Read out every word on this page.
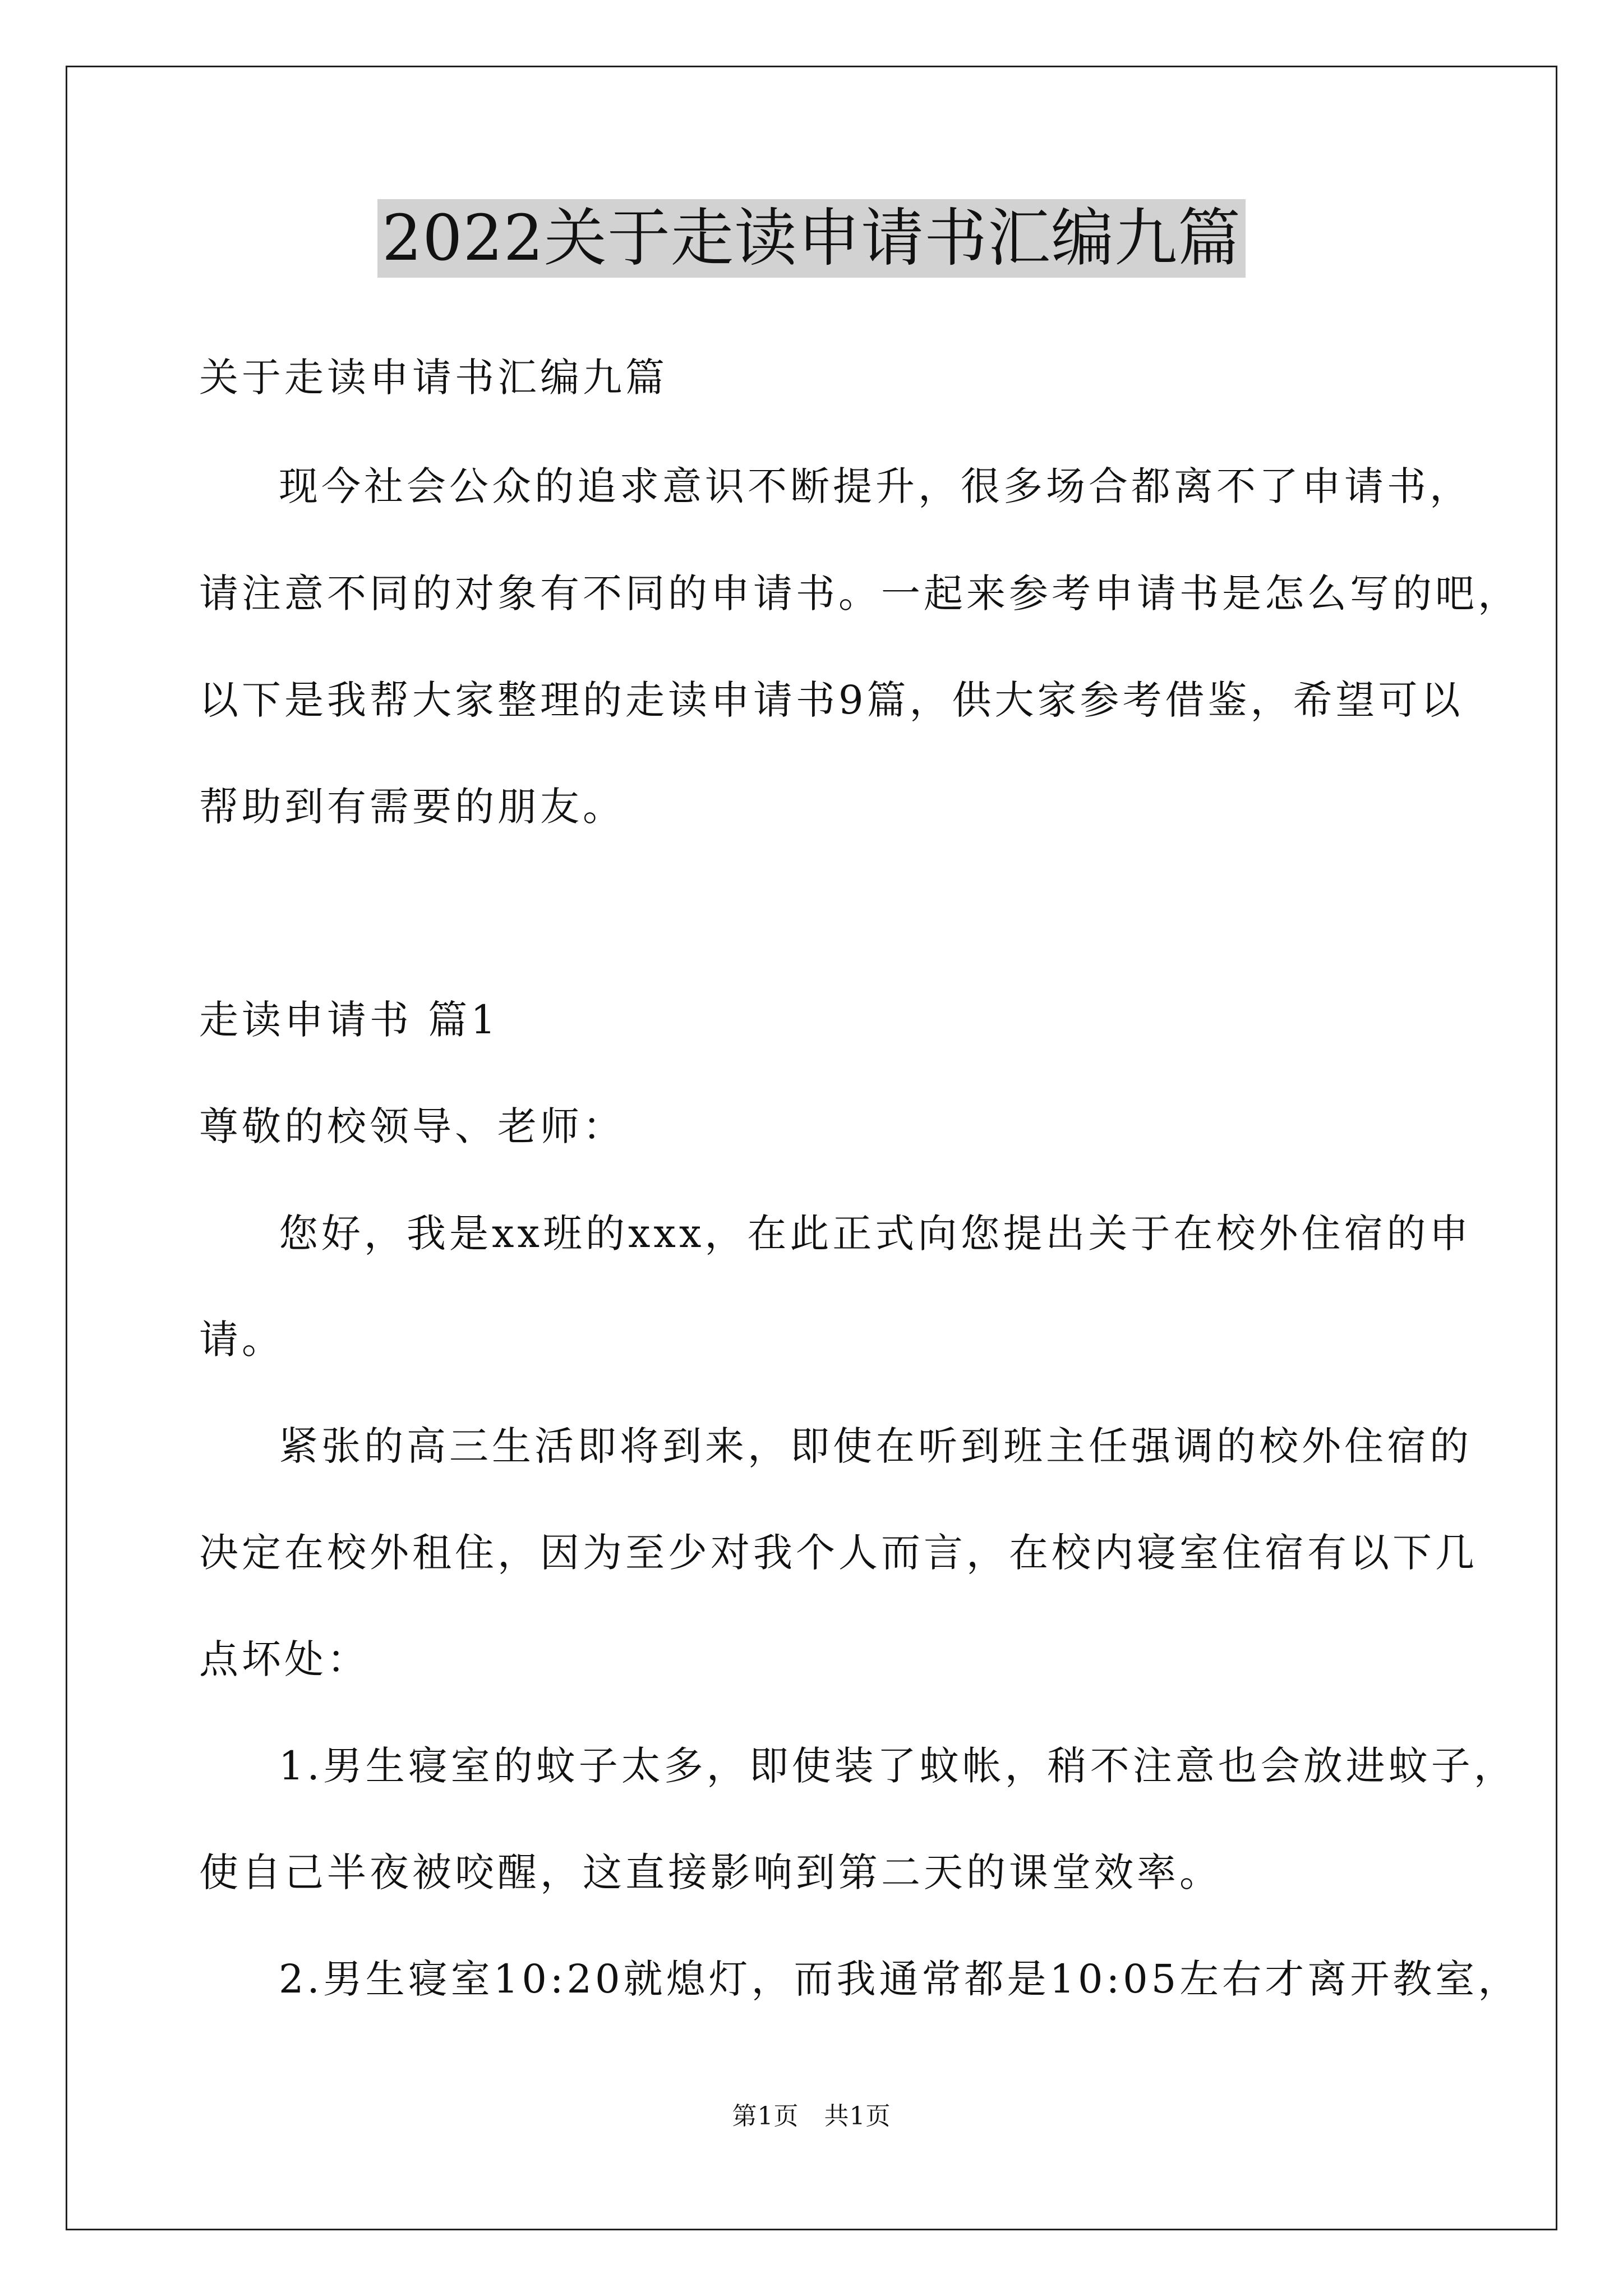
2022关于走读申请书汇编九篇
关于走读申请书汇编九篇
现今社会公众的追求意识不断提升，很多场合都离不了申请书，
请注意不同的对象有不同的申请书。一起来参考申请书是怎么写的吧，
以下是我帮大家整理的走读申请书9篇，供大家参考借鉴，希望可以
帮助到有需要的朋友。
走读申请书 篇1
尊敬的校领导、老师：
您好，我是xx班的xxx，在此正式向您提出关于在校外住宿的申
请。
紧张的高三生活即将到来，即使在听到班主任强调的校外住宿的
决定在校外租住，因为至少对我个人而言，在校内寝室住宿有以下几
点坏处：
1.男生寝室的蚊子太多，即使装了蚊帐，稍不注意也会放进蚊子，
使自己半夜被咬醒，这直接影响到第二天的课堂效率。
2.男生寝室10:20就熄灯，而我通常都是10:05左右才离开教室，
第1页　共1页
